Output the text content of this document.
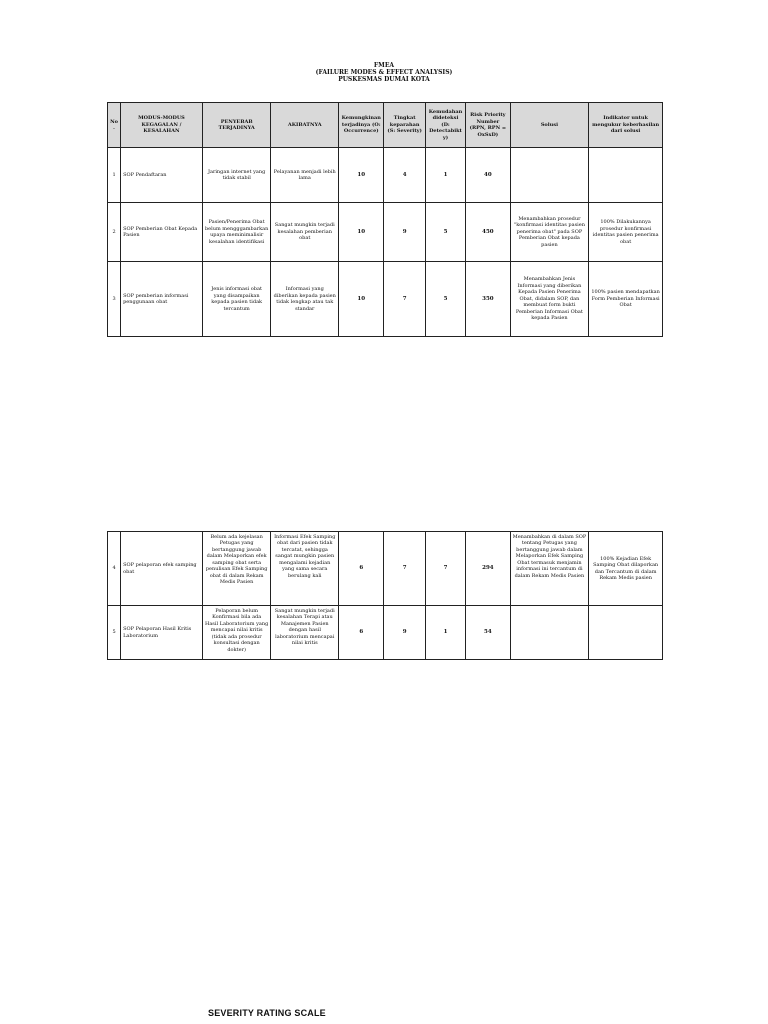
FMEA
(FAILURE MODES & EFFECT ANALYSIS)
PUSKESMAS DUMAI KOTA
No.	MODUS-MODUS KEGAGALAN / KESALAHAN	PENYEBAB TERJADINYA	AKIBATNYA	Kemungkinan terjadinya (O: Occurrence)	Tingkat keparahan (S: Severity)	Kemudahan dideteksi (D: Detectabikty)	Risk Priority Number (RPN, RPN = OxSxD)	Solusi	Indikator untuk mengukur keberhasilan dari solusi
1	SOP Pendaftaran	Jaringan internet yang tidak stabil	Pelayanan menjadi lebih lama	10	4	1	40		
2	SOP Pemberian Obat Kepada Pasien	Pasien/Penerima Obat belum mengggambarkan upaya meminimalisir kesalahan identifikasi	Sangat mungkin terjadi kesalahan pemberian obat	10	9	5	450	Menambahkan prosedur "konfirmasi identitas pasien penerima obat" pada SOP Pemberian Obat kepada pasien	100% Dilakukannya prosedur konfirmasi identitas pasien penerima obat
3	SOP pemberian informasi penggunaan obat	Jenis informasi obat yang disampaikan kepada pasien tidak tercantum	Informasi yang diberikan kepada pasien tidak lengkap atau tak standar	10	7	5	350	Menambahkan Jenis Informasi yang diberikan Kepada Pasien Penerima Obat, didalam SOP, dan membuat form bukti Pemberian Informasi Obat kepada Pasien	100% pasien mendapatkan Form Pemberian Informasi Obat
4	SOP pelaporan efek samping obat	Belum ada kejelasan Petugas yang bertanggung jawab dalam Melaporkan efek samping obat serta penulisan Efek Samping obat di dalam Rekam Medis Pasien	Informasi Efek Samping obat dari pasien tidak tercatat, sehingga sangat mungkin pasien mengalami kejadian yang sama secara berulang kali	6	7	7	294	Menambahkan di dalam SOP tentang Petugas yang bertanggung jawab dalam Melaporkan Efek Samping Obat termasuk menjamin informasi ini tercantum di dalam Rekam Medis Pasien	100% Kejadian Efek Samping Obat dilaporkan dan Tercantum di dalam Rekam Medis pasien
5	SOP Pelaporan Hasil Kritis Laboratorium	Pelaporan belum Konfirmasi bila ada Hasil Laboratorium yang mencapai nilai kritis (tidak ada prosedur konsultasi dengan dokter)	Sangat mungkin terjadi kesalahan Terapi atau Manajemen Pasien dengan hasil laboratorium mencapai nilai kritis	6	9	1	54		
SEVERITY RATING SCALE
